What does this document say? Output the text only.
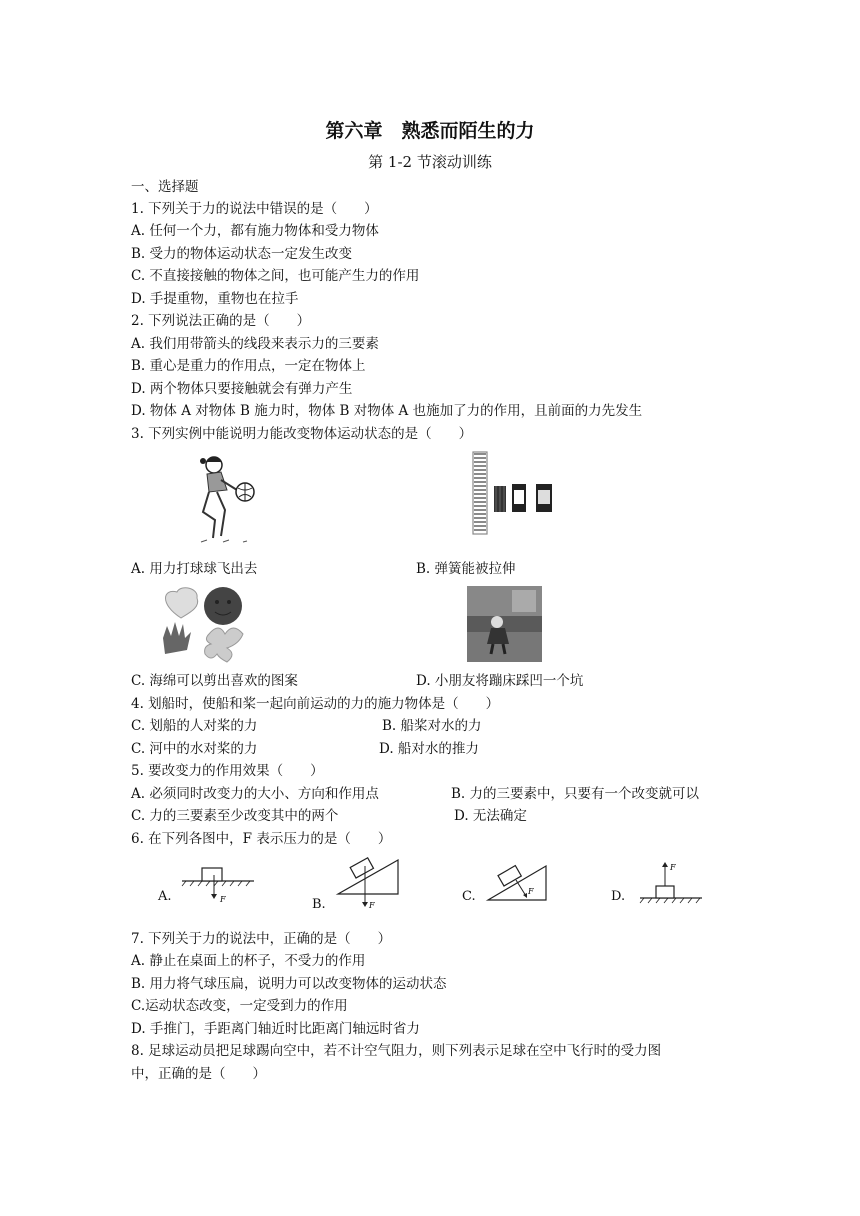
第六章　熟悉而陌生的力
第 1-2 节滚动训练
一、选择题
1. 下列关于力的说法中错误的是（　　）
A. 任何一个力，都有施力物体和受力物体
B. 受力的物体运动状态一定发生改变
C. 不直接接触的物体之间，也可能产生力的作用
D. 手提重物，重物也在拉手
2. 下列说法正确的是（　　）
A. 我们用带箭头的线段来表示力的三要素
B. 重心是重力的作用点，一定在物体上
D. 两个物体只要接触就会有弹力产生
D. 物体 A 对物体 B 施力时，物体 B 对物体 A 也施加了力的作用，且前面的力先发生
3. 下列实例中能说明力能改变物体运动状态的是（　　）
A. 用力打球球飞出去	B. 弹簧能被拉伸
C. 海绵可以剪出喜欢的图案	D. 小朋友将蹦床踩凹一个坑
4. 划船时，使船和桨一起向前运动的力的施力物体是（　　）
C. 划船的人对桨的力	B. 船桨对水的力
C. 河中的水对桨的力	D. 船对水的推力
5. 要改变力的作用效果（　　）
A. 必须同时改变力的大小、方向和作用点	B. 力的三要素中，只要有一个改变就可以
C. 力的三要素至少改变其中的两个	D. 无法确定
6. 在下列各图中，F 表示压力的是（　　）
A.	F	B.	F
C.	F	D.
F
7. 下列关于力的说法中，正确的是（　　）
A. 静止在桌面上的杯子，不受力的作用
B. 用力将气球压扁，说明力可以改变物体的运动状态
C.运动状态改变，一定受到力的作用
D. 手推门，手距离门轴近时比距离门轴远时省力
8. 足球运动员把足球踢向空中，若不计空气阻力，则下列表示足球在空中飞行时的受力图
中，正确的是（　　）
